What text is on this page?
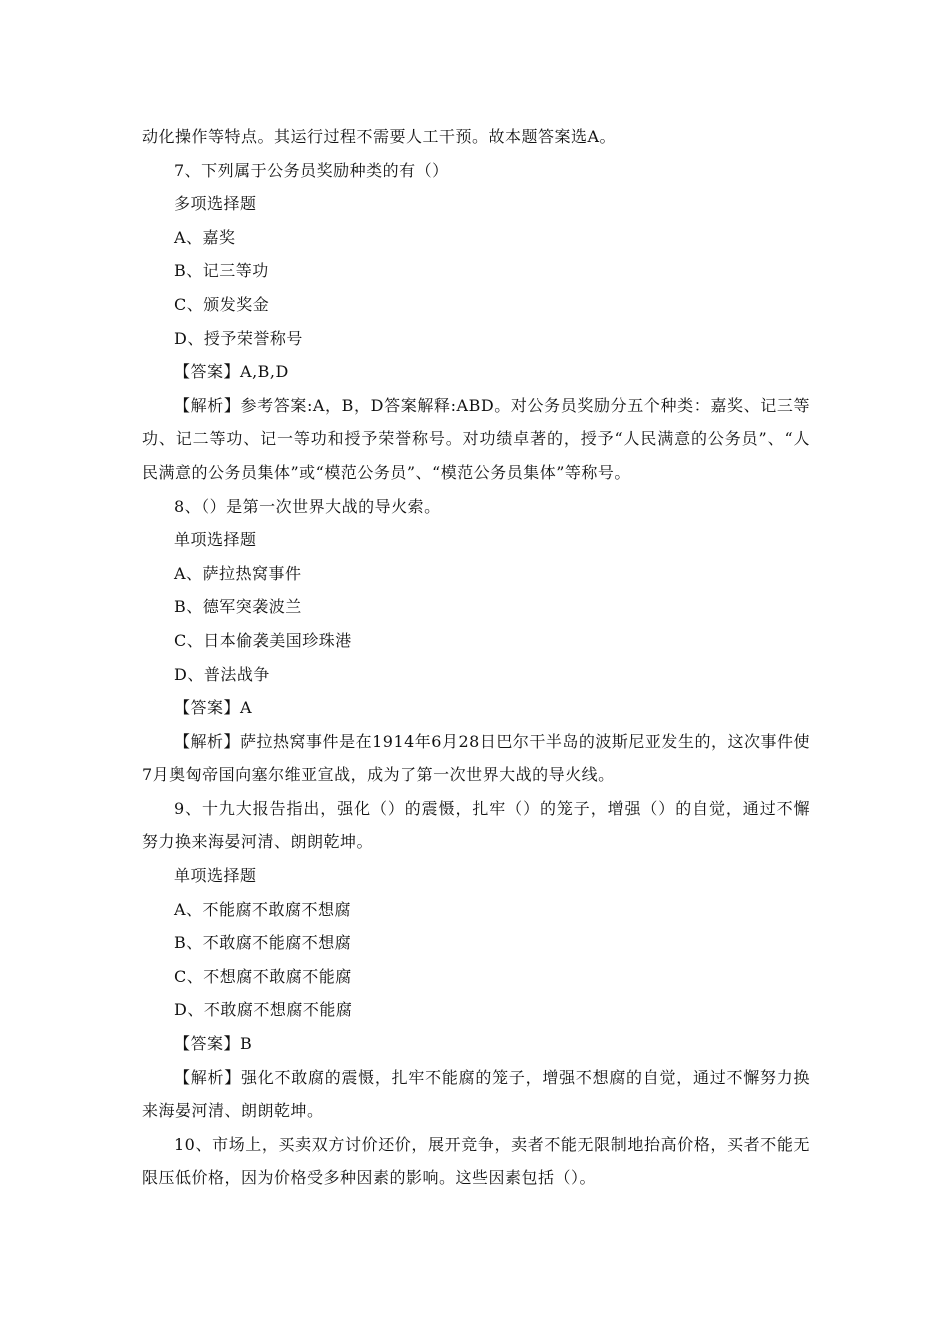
动化操作等特点。其运行过程不需要人工干预。故本题答案选A。
7、下列属于公务员奖励种类的有（）
多项选择题
A、嘉奖
B、记三等功
C、颁发奖金
D、授予荣誉称号
【答案】A,B,D

【解析】参考答案:A，B，D答案解释:ABD。对公务员奖励分五个种类：嘉奖、记三等功、记二等功、记一等功和授予荣誉称号。对功绩卓著的，授予“人民满意的公务员”、“人民满意的公务员集体”或“模范公务员”、“模范公务员集体”等称号。

8、（）是第一次世界大战的导火索。
单项选择题
A、萨拉热窝事件
B、德军突袭波兰
C、日本偷袭美国珍珠港
D、普法战争
【答案】A

【解析】萨拉热窝事件是在1914年6月28日巴尔干半岛的波斯尼亚发生的，这次事件使7月奥匈帝国向塞尔维亚宣战，成为了第一次世界大战的导火线。

9、十九大报告指出，强化（）的震慑，扎牢（）的笼子，增强（）的自觉，通过不懈努力换来海晏河清、朗朗乾坤。

单项选择题
A、不能腐不敢腐不想腐
B、不敢腐不能腐不想腐
C、不想腐不敢腐不能腐
D、不敢腐不想腐不能腐
【答案】B

【解析】强化不敢腐的震慑，扎牢不能腐的笼子，增强不想腐的自觉，通过不懈努力换来海晏河清、朗朗乾坤。

10、市场上，买卖双方讨价还价，展开竞争，卖者不能无限制地抬高价格，买者不能无限压低价格，因为价格受多种因素的影响。这些因素包括（）。
